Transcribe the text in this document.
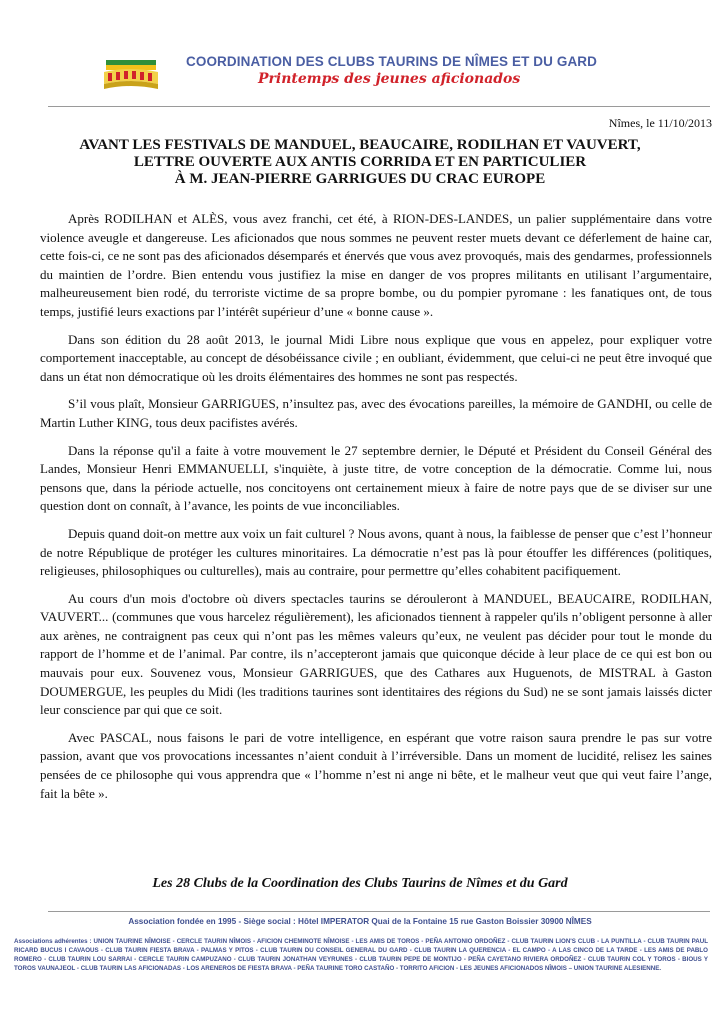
COORDINATION DES CLUBS TAURINS DE NÎMES ET DU GARD
Printemps des jeunes aficionados
Nîmes, le 11/10/2013
AVANT LES FESTIVALS DE MANDUEL, BEAUCAIRE, RODILHAN ET VAUVERT,
LETTRE OUVERTE AUX ANTIS CORRIDA ET EN PARTICULIER
À M. JEAN-PIERRE GARRIGUES DU CRAC EUROPE

Après RODILHAN et ALÈS, vous avez franchi, cet été, à RION-DES-LANDES, un palier supplémentaire dans votre violence aveugle et dangereuse. Les aficionados que nous sommes ne peuvent rester muets devant ce déferlement de haine car, cette fois-ci, ce ne sont pas des aficionados désemparés et énervés que vous avez provoqués, mais des gendarmes, professionnels du maintien de l’ordre. Bien entendu vous justifiez la mise en danger de vos propres militants en utilisant l’argumentaire, malheureusement bien rodé, du terroriste victime de sa propre bombe, ou du pompier pyromane : les fanatiques ont, de tous temps, justifié leurs exactions par l’intérêt supérieur d’une « bonne cause ».

Dans son édition du 28 août 2013, le journal Midi Libre nous explique que vous en appelez, pour expliquer votre comportement inacceptable, au concept de désobéissance civile ; en oubliant, évidemment, que celui-ci ne peut être invoqué que dans un état non démocratique où les droits élémentaires des hommes ne sont pas respectés.

S’il vous plaît, Monsieur GARRIGUES, n’insultez pas, avec des évocations pareilles, la mémoire de GANDHI, ou celle de Martin Luther KING, tous deux pacifistes avérés.

Dans la réponse qu'il a faite à votre mouvement le 27 septembre dernier, le Député et Président du Conseil Général des Landes, Monsieur Henri EMMANUELLI, s'inquiète, à juste titre, de votre conception de la démocratie. Comme lui, nous pensons que, dans la période actuelle, nos concitoyens ont certainement mieux à faire de notre pays que de se diviser sur une question dont on connaît, à l’avance, les points de vue inconciliables.

Depuis quand doit-on mettre aux voix un fait culturel ? Nous avons, quant à nous, la faiblesse de penser que c’est l’honneur de notre République de protéger les cultures minoritaires. La démocratie n’est pas là pour étouffer les différences (politiques, religieuses, philosophiques ou culturelles), mais au contraire, pour permettre qu’elles cohabitent pacifiquement.

Au cours d'un mois d'octobre où divers spectacles taurins se dérouleront à MANDUEL, BEAUCAIRE, RODILHAN, VAUVERT... (communes que vous harcelez régulièrement), les aficionados tiennent à rappeler qu'ils n’obligent personne à aller aux arènes, ne contraignent pas ceux qui n’ont pas les mêmes valeurs qu’eux, ne veulent pas décider pour tout le monde du rapport de l’homme et de l’animal. Par contre, ils n’accepteront jamais que quiconque décide à leur place de ce qui est bon ou mauvais pour eux. Souvenez vous, Monsieur GARRIGUES, que des Cathares aux Huguenots, de MISTRAL à Gaston DOUMERGUE, les peuples du Midi (les traditions taurines sont identitaires des régions du Sud) ne se sont jamais laissés dicter leur conscience par qui que ce soit.

Avec PASCAL, nous faisons le pari de votre intelligence, en espérant que votre raison saura prendre le pas sur votre passion, avant que vos provocations incessantes n’aient conduit à l’irréversible. Dans un moment de lucidité, relisez les saines pensées de ce philosophe qui vous apprendra que « l’homme n’est ni ange ni bête, et le malheur veut que qui veut faire l’ange, fait la bête ».

Les 28 Clubs de la Coordination des Clubs Taurins de Nîmes et du Gard
Association fondée en 1995 - Siège social : Hôtel IMPERATOR Quai de la Fontaine 15 rue Gaston Boissier 30900 NÎMES
Associations adhérentes : UNION TAURINE NÎMOISE - CERCLE TAURIN NÎMOIS - AFICION CHEMINOTE NÎMOISE - LES AMIS DE TOROS - PEÑA ANTONIO ORDOÑEZ - CLUB TAURIN LION'S CLUB - LA PUNTILLA - CLUB TAURIN PAUL RICARD BUCUS I CAVAOUS - CLUB TAURIN FIESTA BRAVA - PALMAS Y PITOS - CLUB TAURIN DU CONSEIL GENERAL DU GARD - CLUB TAURIN LA QUERENCIA - EL CAMPO - A LAS CINCO DE LA TARDE - LES AMIS DE PABLO ROMERO - CLUB TAURIN LOU SARRAI - CERCLE TAURIN CAMPUZANO - CLUB TAURIN JONATHAN VEYRUNES - CLUB TAURIN PEPE DE MONTIJO - PEÑA CAYETANO RIVIERA ORDOÑEZ - CLUB TAURIN COL Y TOROS - BIOUS Y TOROS VAUNAJEOL - CLUB TAURIN LAS AFICIONADAS - LOS ARENEROS DE FIESTA BRAVA - PEÑA TAURINE TORO CASTAÑO - TORRITO AFICION - LES JEUNES AFICIONADOS NÎMOIS – UNION TAURINE ALESIENNE.
